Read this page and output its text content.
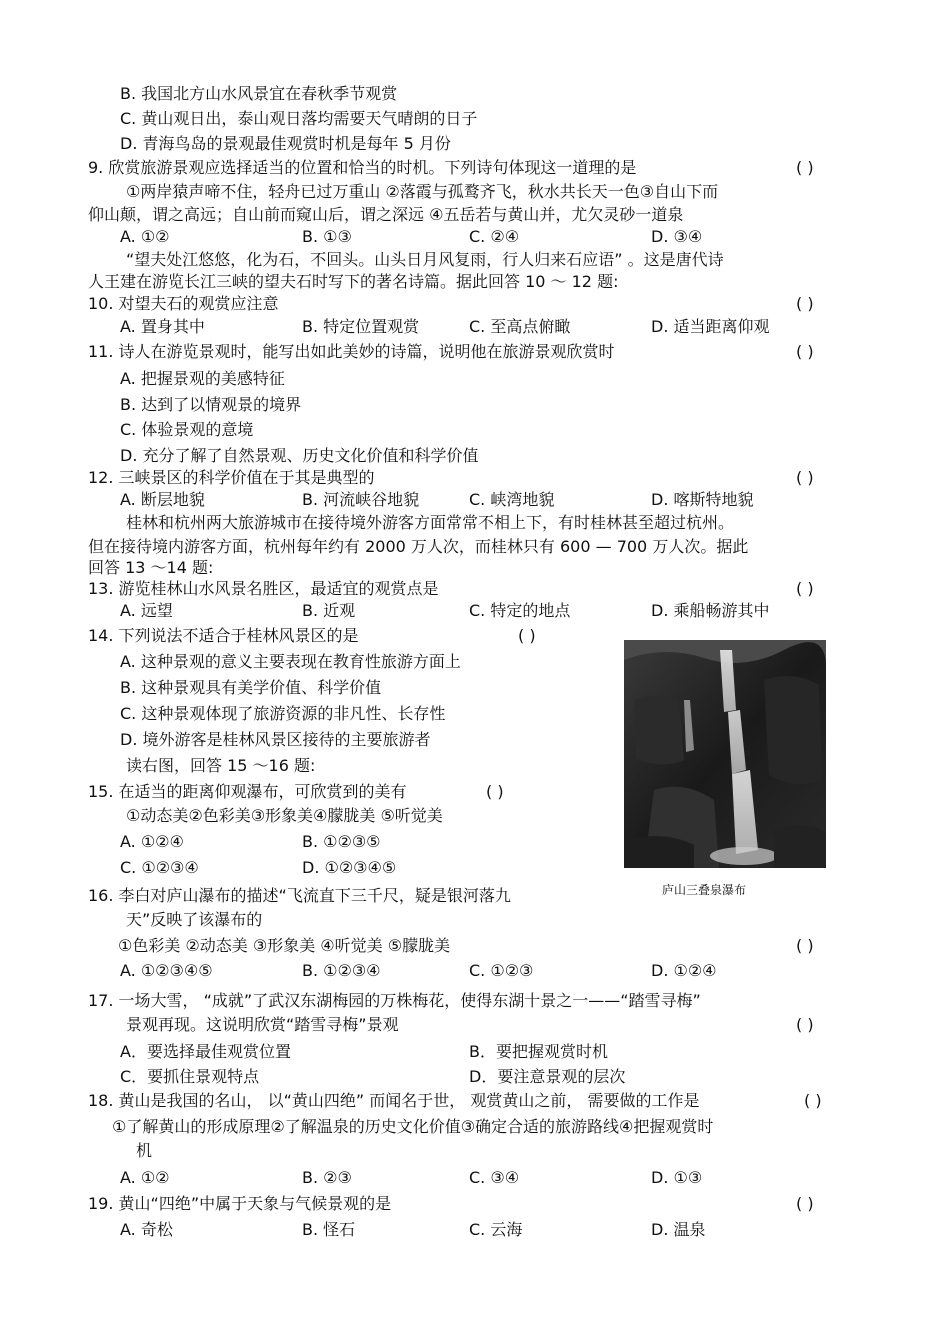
B. 我国北方山水风景宜在春秋季节观赏
C. 黄山观日出，泰山观日落均需要天气晴朗的日子
D. 青海鸟岛的景观最佳观赏时机是每年 5 月份
9. 欣赏旅游景观应选择适当的位置和恰当的时机。下列诗句体现这一道理的是	( )
①两岸猿声啼不住，轻舟已过万重山 ②落霞与孤鹜齐飞，秋水共长天一色③自山下而
仰山颠，谓之高远；自山前而窥山后，谓之深远 ④五岳若与黄山并，尤欠灵砂一道泉
A. ①②	B. ①③	C. ②④	D. ③④
“望夫处江悠悠，化为石，不回头。山头日月风复雨，行人归来石应语” 。这是唐代诗
人王建在游览长江三峡的望夫石时写下的著名诗篇。据此回答 10 ～ 12 题:
10. 对望夫石的观赏应注意	( )
A. 置身其中	B. 特定位置观赏	C. 至高点俯瞰	D. 适当距离仰观
11. 诗人在游览景观时，能写出如此美妙的诗篇，说明他在旅游景观欣赏时	( )
A. 把握景观的美感特征
B. 达到了以情观景的境界
C. 体验景观的意境
D. 充分了解了自然景观、历史文化价值和科学价值
12. 三峡景区的科学价值在于其是典型的	( )
A. 断层地貌	B. 河流峡谷地貌	C. 峡湾地貌	D. 喀斯特地貌
桂林和杭州两大旅游城市在接待境外游客方面常常不相上下，有时桂林甚至超过杭州。
但在接待境内游客方面，杭州每年约有 2000 万人次，而桂林只有 600 — 700 万人次。据此
回答 13 ～14 题:
13. 游览桂林山水风景名胜区，最适宜的观赏点是	( )
A. 远望	B. 近观	C. 特定的地点	D. 乘船畅游其中
14. 下列说法不适合于桂林风景区的是	( )
A. 这种景观的意义主要表现在教育性旅游方面上
B. 这种景观具有美学价值、科学价值
C. 这种景观体现了旅游资源的非凡性、长存性
D. 境外游客是桂林风景区接待的主要旅游者
读右图，回答 15 ～16 题:
15. 在适当的距离仰观瀑布，可欣赏到的美有	( )
①动态美②色彩美③形象美④朦胧美 ⑤听觉美
A. ①②④	B. ①②③⑤
C. ①②③④	D. ①②③④⑤
庐山三叠泉瀑布
16. 李白对庐山瀑布的描述“飞流直下三千尺，疑是银河落九
天”反映了该瀑布的
①色彩美 ②动态美 ③形象美 ④听觉美 ⑤朦胧美	( )
A. ①②③④⑤	B. ①②③④	C. ①②③	D. ①②④
17. 一场大雪， “成就”了武汉东湖梅园的万株梅花，使得东湖十景之一——“踏雪寻梅”
景观再现。这说明欣赏“踏雪寻梅”景观	( )
A．要选择最佳观赏位置	B．要把握观赏时机
C．要抓住景观特点	D．要注意景观的层次
18. 黄山是我国的名山， 以“黄山四绝” 而闻名于世， 观赏黄山之前， 需要做的工作是	( )
①了解黄山的形成原理②了解温泉的历史文化价值③确定合适的旅游路线④把握观赏时
机
A. ①②	B. ②③	C. ③④	D. ①③
19. 黄山“四绝”中属于天象与气候景观的是	( )
A. 奇松	B. 怪石	C. 云海	D. 温泉
